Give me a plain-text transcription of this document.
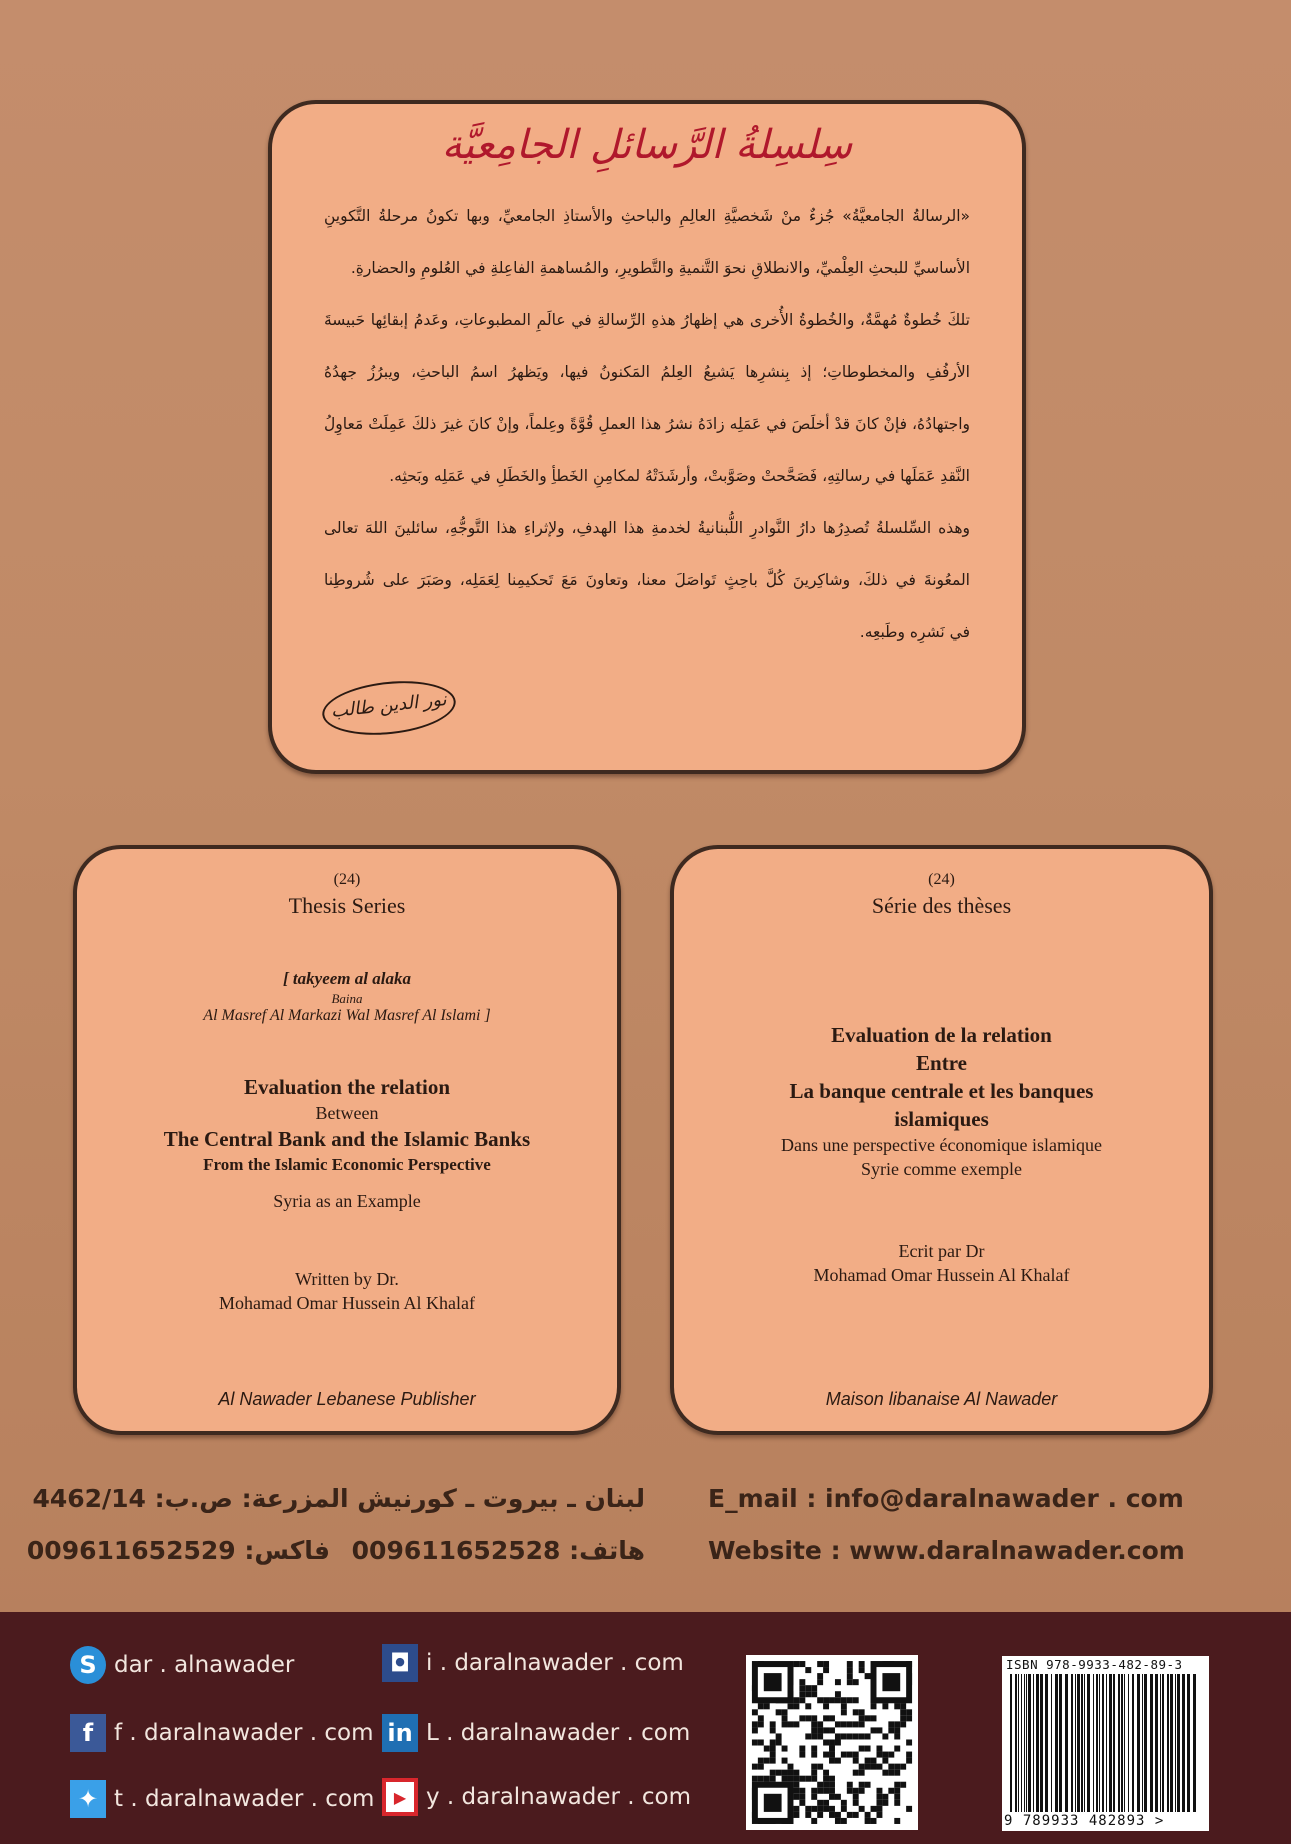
سِلسِلةُ الرَّسائلِ الجامِعيَّة
«الرسالةُ الجامعيَّةُ» جُزءٌ منْ شَخصيَّةِ العالِمِ والباحثِ والأستاذِ الجامعيِّ، وبها تكونُ مرحلةُ التَّكوينِ
الأساسيِّ للبحثِ العِلْميِّ، والانطلاقِ نحوَ التَّنميةِ والتَّطويرِ، والمُساهمةِ الفاعِلةِ في العُلومِ والحضارةِ.
تلكَ خُطوةٌ مُهمَّةٌ، والخُطوةُ الأُخرى هي إظهارُ هذهِ الرِّسالةِ في عالَمِ المطبوعاتِ، وعَدمُ إبقائِها حَبيسةَ
الأرفُفِ والمخطوطاتِ؛ إذ بِنشرِها يَشيعُ العِلمُ المَكنونُ فيها، ويَظهرُ اسمُ الباحثِ، ويبرُزُ جهدُهُ
واجتهادُهُ، فإنْ كانَ قدْ أخلَصَ في عَمَلِه زادَهُ نشرُ هذا العملِ قُوَّةً وعِلماً، وإنْ كانَ غيرَ ذلكَ عَمِلَتْ مَعاوِلُ
النَّقدِ عَمَلَها في رسالتِهِ، فَصَحَّحتْ وصَوَّبتْ، وأرشَدَتْهُ لمكامِنِ الخَطأِ والخَطَلِ في عَمَلِه وبَحثِه.
وهذه السِّلسلةُ تُصدِرُها دارُ النَّوادرِ اللُّبنانيةُ لخدمةِ هذا الهدفِ، ولإثراءِ هذا التَّوجُّهِ، سائلينَ اللهَ تعالى
المعُونةَ في ذلكَ، وشاكِرينَ كُلَّ باحِثٍ تَواصَلَ معنا، وتعاونَ مَعَ تَحكيمِنا لِعَمَلِه، وصَبَرَ على شُروطِنا
في نَشرِه وطَبعِه.
نور الدين طالب
(24)
Thesis Series
[ takyeem al alaka
Baina
Al Masref Al Markazi Wal Masref Al Islami ]
Evaluation the relation
Between
The Central Bank and the Islamic Banks
From the Islamic Economic Perspective
Syria as an Example
Written by Dr.
Mohamad Omar Hussein Al Khalaf
Al Nawader Lebanese Publisher
(24)
Série des thèses
Evaluation de la relation
Entre
La banque centrale et les banques
islamiques
Dans une perspective économique islamique
Syrie comme exemple
Ecrit par Dr
Mohamad Omar Hussein Al Khalaf
Maison libanaise Al Nawader
لبنان ـ بيروت ـ كورنيش المزرعة: ص.ب: 4462/14
هاتف: 009611652528
فاكس: 009611652529
E_mail : info@daralnawader . com
Website : www.daralnawader.com
S dar . alnawader	◘ i . daralnawader . com
f f . daralnawader . com in L . daralnawader . com
✦ t . daralnawader . com	▶ y . daralnawader . com
ISBN 978-9933-482-89-3
9 789933 482893 >
